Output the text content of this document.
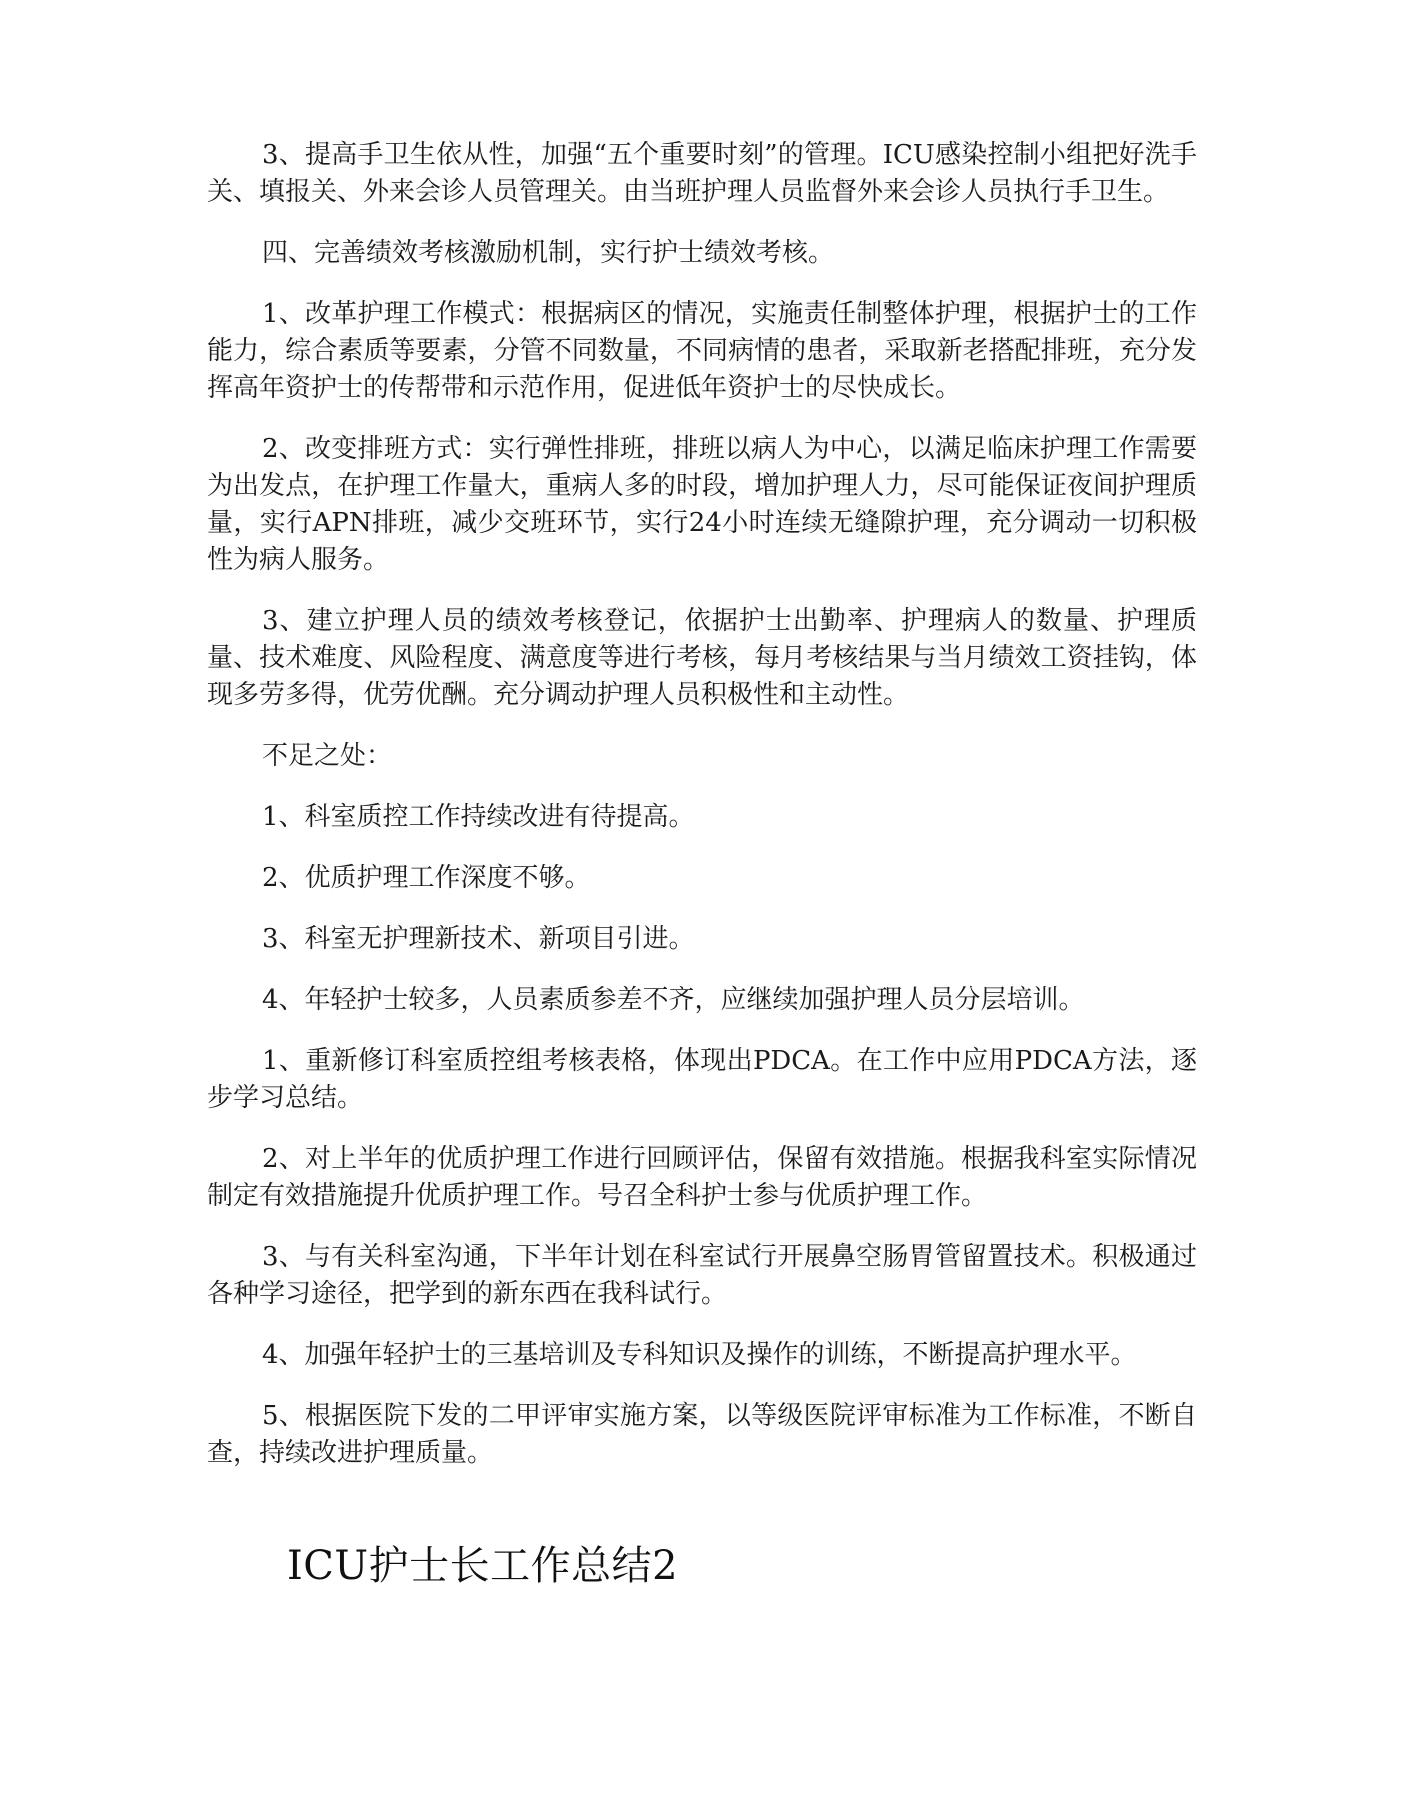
3、提高手卫生依从性，加强“五个重要时刻”的管理。ICU感染控制小组把好洗手关、填报关、外来会诊人员管理关。由当班护理人员监督外来会诊人员执行手卫生。

四、完善绩效考核激励机制，实行护士绩效考核。

1、改革护理工作模式：根据病区的情况，实施责任制整体护理，根据护士的工作能力，综合素质等要素，分管不同数量，不同病情的患者，采取新老搭配排班，充分发挥高年资护士的传帮带和示范作用，促进低年资护士的尽快成长。

2、改变排班方式：实行弹性排班，排班以病人为中心，以满足临床护理工作需要为出发点，在护理工作量大，重病人多的时段，增加护理人力，尽可能保证夜间护理质量，实行APN排班，减少交班环节，实行24小时连续无缝隙护理，充分调动一切积极性为病人服务。

3、建立护理人员的绩效考核登记，依据护士出勤率、护理病人的数量、护理质量、技术难度、风险程度、满意度等进行考核，每月考核结果与当月绩效工资挂钩，体现多劳多得，优劳优酬。充分调动护理人员积极性和主动性。

不足之处：

1、科室质控工作持续改进有待提高。

2、优质护理工作深度不够。

3、科室无护理新技术、新项目引进。

4、年轻护士较多，人员素质参差不齐，应继续加强护理人员分层培训。

1、重新修订科室质控组考核表格，体现出PDCA。在工作中应用PDCA方法，逐步学习总结。

2、对上半年的优质护理工作进行回顾评估，保留有效措施。根据我科室实际情况制定有效措施提升优质护理工作。号召全科护士参与优质护理工作。

3、与有关科室沟通，下半年计划在科室试行开展鼻空肠胃管留置技术。积极通过各种学习途径，把学到的新东西在我科试行。

4、加强年轻护士的三基培训及专科知识及操作的训练，不断提高护理水平。

5、根据医院下发的二甲评审实施方案，以等级医院评审标准为工作标准，不断自查，持续改进护理质量。

ICU护士长工作总结2
